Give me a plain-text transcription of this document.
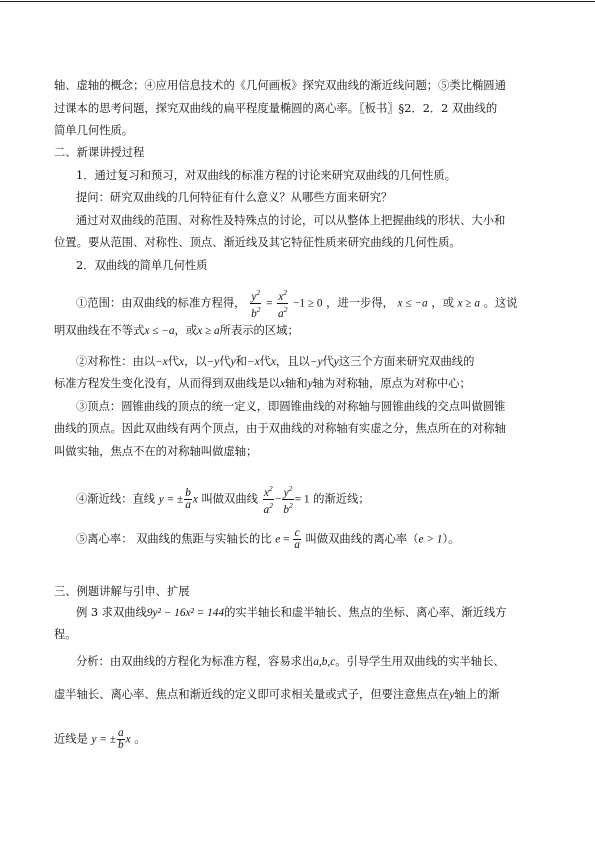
轴、虚轴的概念；④应用信息技术的《几何画板》探究双曲线的渐近线问题；⑤类比椭圆通
过课本的思考问题，探究双曲线的扁平程度量椭圆的离心率。〖板书〗§2．2．2 双曲线的
简单几何性质。
二、新课讲授过程
1．通过复习和预习，对双曲线的标准方程的讨论来研究双曲线的几何性质。
提问：研究双曲线的几何特征有什么意义？从哪些方面来研究？
通过对双曲线的范围、对称性及特殊点的讨论，可以从整体上把握曲线的形状、大小和
位置。要从范围、对称性、顶点、渐近线及其它特征性质来研究曲线的几何性质。
2．双曲线的简单几何性质
①范围：由双曲线的标准方程得， $\frac{y^2}{b^2} = \frac{x^2}{a^2} -1 \ge 0$ ，进一步得， x ≤ −a ，或 x ≥ a 。这说
明双曲线在不等式x ≤ −a，或x ≥ a所表示的区域；
②对称性：由以−x代x，以−y代y和−x代x，且以−y代y这三个方面来研究双曲线的
标准方程发生变化没有，从而得到双曲线是以x轴和y轴为对称轴，原点为对称中心；
③顶点：圆锥曲线的顶点的统一定义，即圆锥曲线的对称轴与圆锥曲线的交点叫做圆锥
曲线的顶点。因此双曲线有两个顶点，由于双曲线的对称轴有实虚之分，焦点所在的对称轴
叫做实轴，焦点不在的对称轴叫做虚轴；
④渐近线：直线 y = ± $\frac{b}{a}$ x 叫做双曲线 $\frac{x^2}{a^2} - \frac{y^2}{b^2} = 1$ 的渐近线；
⑤离心率： 双曲线的焦距与实轴长的比 $e = \frac{c}{a}$ 叫做双曲线的离心率（e > 1）。
三、例题讲解与引申、扩展
例 3 求双曲线9y² − 16x² = 144的实半轴长和虚半轴长、焦点的坐标、离心率、渐近线方
程。
分析：由双曲线的方程化为标准方程，容易求出a,b,c。引导学生用双曲线的实半轴长、
虚半轴长、离心率、焦点和渐近线的定义即可求相关量或式子，但要注意焦点在y轴上的渐
近线是 y = ± $\frac{a}{b}$ x 。
